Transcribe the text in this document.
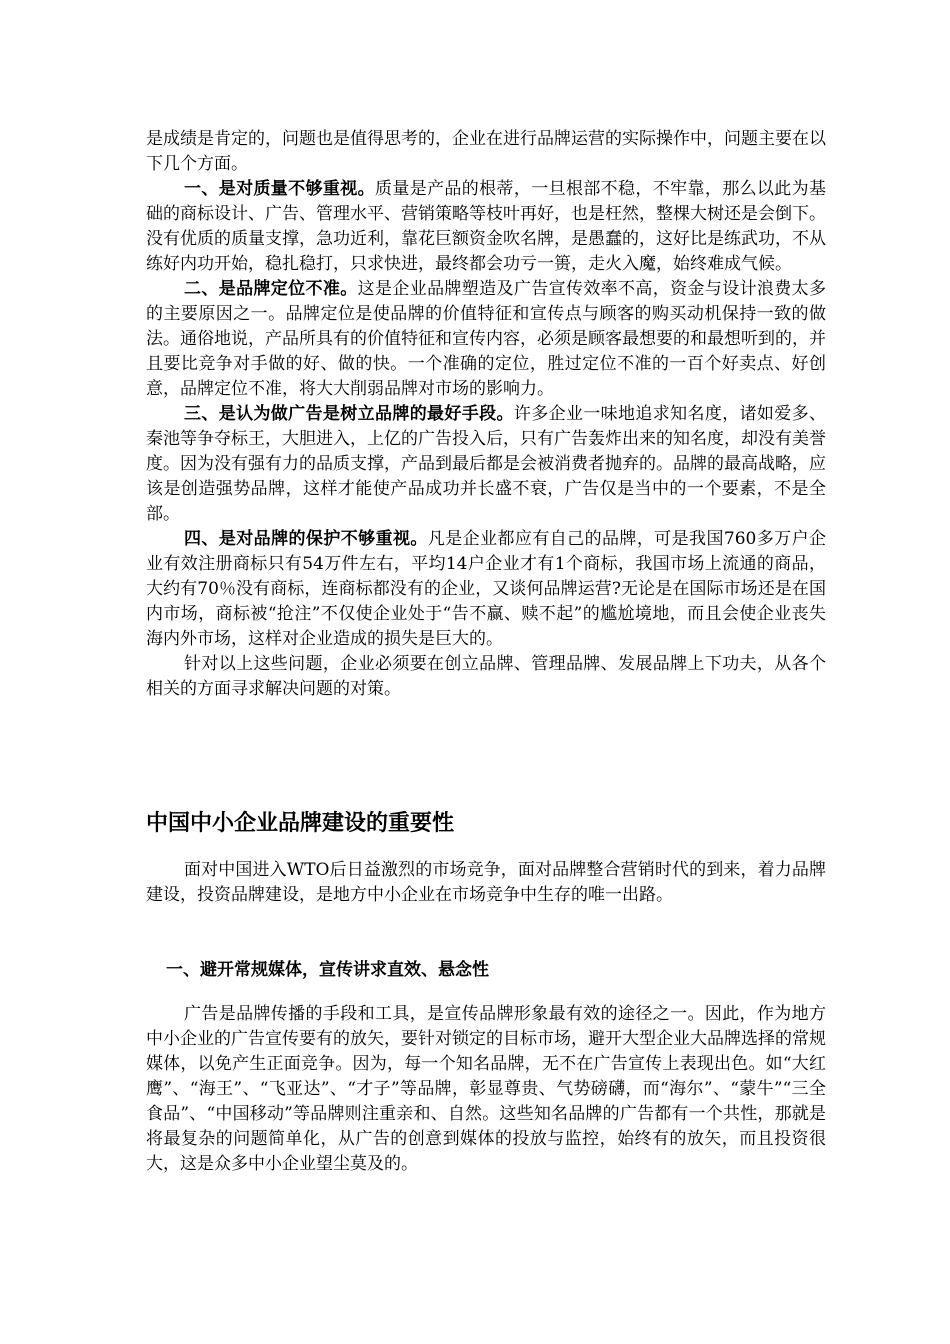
是成绩是肯定的，问题也是值得思考的，企业在进行品牌运营的实际操作中，问题主要在以下几个方面。

一、是对质量不够重视。质量是产品的根蒂，一旦根部不稳，不牢靠，那么以此为基础的商标设计、广告、管理水平、营销策略等枝叶再好，也是枉然，整棵大树还是会倒下。没有优质的质量支撑，急功近利，靠花巨额资金吹名牌，是愚蠢的，这好比是练武功，不从练好内功开始，稳扎稳打，只求快进，最终都会功亏一篑，走火入魔，始终难成气候。

二、是品牌定位不准。这是企业品牌塑造及广告宣传效率不高，资金与设计浪费太多的主要原因之一。品牌定位是使品牌的价值特征和宣传点与顾客的购买动机保持一致的做法。通俗地说，产品所具有的价值特征和宣传内容，必须是顾客最想要的和最想听到的，并且要比竞争对手做的好、做的快。一个准确的定位，胜过定位不准的一百个好卖点、好创意，品牌定位不准，将大大削弱品牌对市场的影响力。

三、是认为做广告是树立品牌的最好手段。许多企业一味地追求知名度，诸如爱多、秦池等争夺标王，大胆进入，上亿的广告投入后，只有广告轰炸出来的知名度，却没有美誉度。因为没有强有力的品质支撑，产品到最后都是会被消费者抛弃的。品牌的最高战略，应该是创造强势品牌，这样才能使产品成功并长盛不衰，广告仅是当中的一个要素，不是全部。

四、是对品牌的保护不够重视。凡是企业都应有自己的品牌，可是我国760多万户企业有效注册商标只有54万件左右，平均14户企业才有1个商标，我国市场上流通的商品，大约有70％没有商标，连商标都没有的企业，又谈何品牌运营?无论是在国际市场还是在国内市场，商标被“抢注”不仅使企业处于“告不赢、赎不起”的尴尬境地，而且会使企业丧失海内外市场，这样对企业造成的损失是巨大的。

针对以上这些问题，企业必须要在创立品牌、管理品牌、发展品牌上下功夫，从各个相关的方面寻求解决问题的对策。

中国中小企业品牌建设的重要性

面对中国进入WTO后日益激烈的市场竞争，面对品牌整合营销时代的到来，着力品牌建设，投资品牌建设，是地方中小企业在市场竞争中生存的唯一出路。

一、避开常规媒体，宣传讲求直效、悬念性

广告是品牌传播的手段和工具，是宣传品牌形象最有效的途径之一。因此，作为地方中小企业的广告宣传要有的放矢，要针对锁定的目标市场，避开大型企业大品牌选择的常规媒体，以免产生正面竞争。因为，每一个知名品牌，无不在广告宣传上表现出色。如“大红鹰”、“海王”、“飞亚达”、“才子”等品牌，彰显尊贵、气势磅礴，而“海尔”、“蒙牛”“三全食品”、“中国移动”等品牌则注重亲和、自然。这些知名品牌的广告都有一个共性，那就是将最复杂的问题简单化，从广告的创意到媒体的投放与监控，始终有的放矢，而且投资很大，这是众多中小企业望尘莫及的。
